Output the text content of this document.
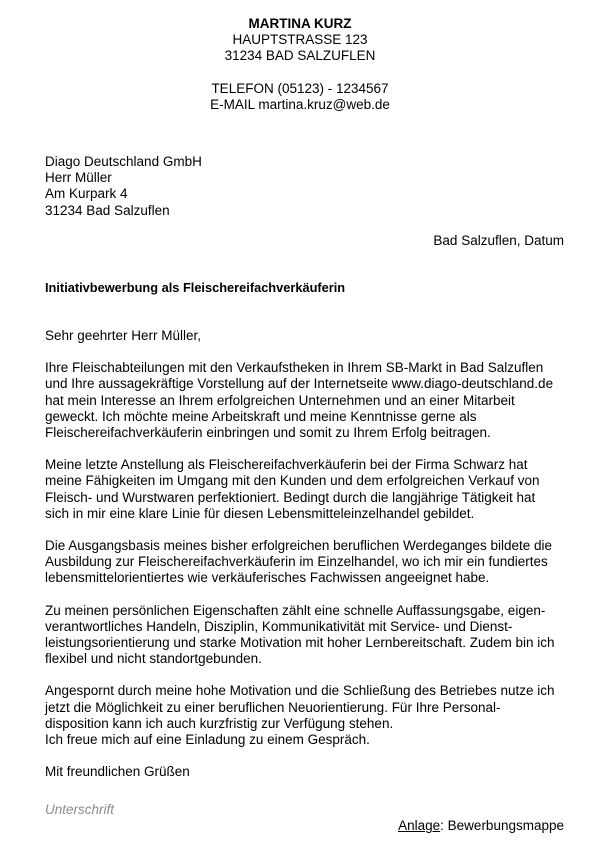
MARTINA KURZ
HAUPTSTRASSE 123
31234 BAD SALZUFLEN
TELEFON (05123) - 1234567
E-MAIL martina.kruz@web.de
Diago Deutschland GmbH
Herr Müller
Am Kurpark 4
31234 Bad Salzuflen
Bad Salzuflen, Datum
Initiativbewerbung als Fleischereifachverkäuferin

Sehr geehrter Herr Müller,

Ihre Fleischabteilungen mit den Verkaufstheken in Ihrem SB-Markt in Bad Salzuflen
und Ihre aussagekräftige Vorstellung auf der Internetseite www.diago-deutschland.de
hat mein Interesse an Ihrem erfolgreichen Unternehmen und an einer Mitarbeit
geweckt. Ich möchte meine Arbeitskraft und meine Kenntnisse gerne als
Fleischereifachverkäuferin einbringen und somit zu Ihrem Erfolg beitragen.

Meine letzte Anstellung als Fleischereifachverkäuferin bei der Firma Schwarz hat
meine Fähigkeiten im Umgang mit den Kunden und dem erfolgreichen Verkauf von
Fleisch- und Wurstwaren perfektioniert. Bedingt durch die langjährige Tätigkeit hat
sich in mir eine klare Linie für diesen Lebensmitteleinzelhandel gebildet.

Die Ausgangsbasis meines bisher erfolgreichen beruflichen Werdeganges bildete die
Ausbildung zur Fleischereifachverkäuferin im Einzelhandel, wo ich mir ein fundiertes
lebensmittelorientiertes wie verkäuferisches Fachwissen angeeignet habe.

Zu meinen persönlichen Eigenschaften zählt eine schnelle Auffassungsgabe, eigen-
verantwortliches Handeln, Disziplin, Kommunikativität mit Service- und Dienst-
leistungsorientierung und starke Motivation mit hoher Lernbereitschaft. Zudem bin ich
flexibel und nicht standortgebunden.

Angespornt durch meine hohe Motivation und die Schließung des Betriebes nutze ich
jetzt die Möglichkeit zu einer beruflichen Neuorientierung. Für Ihre Personal-
disposition kann ich auch kurzfristig zur Verfügung stehen.
Ich freue mich auf eine Einladung zu einem Gespräch.

Mit freundlichen Grüßen

Unterschrift
Anlage: Bewerbungsmappe
